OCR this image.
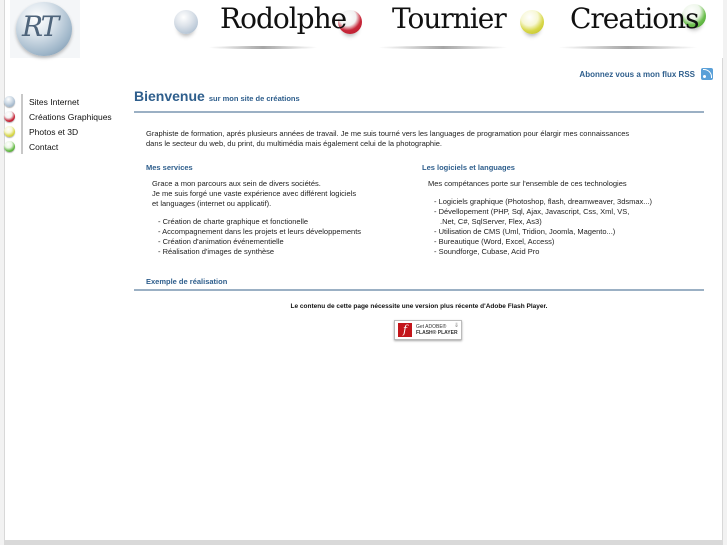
RT	Rodolphe Tournier Creations
Abonnez vous a mon flux RSS
Sites Internet
Créations Graphiques
Photos et 3D
Contact
Bienvenue sur mon site de créations
Graphiste de formation, aprés plusieurs années de travail. Je me suis tourné vers les languages de programation pour élargir mes connaissances
dans le secteur du web, du print, du multimédia mais également celui de la photographie.
Mes services
Grace a mon parcours aux sein de divers sociétés.
Je me suis forgé une vaste expérience avec différent logiciels
et languages (internet ou applicatif).
- Création de charte graphique et fonctionelle
- Accompagnement dans les projets et leurs développements
- Création d'animation événementielle
- Réalisation d'images de synthèse
Les logiciels et languages
Mes compétances porte sur l'ensemble de ces technologies
- Logiciels graphique (Photoshop, flash, dreamweaver, 3dsmax...)
- Dévellopement (PHP, Sql, Ajax, Javascript, Css, Xml, VS,
.Net, C#, SqlServer, Flex, As3)
- Utilisation de CMS (Uml, Tridion, Joomla, Magento...)
- Bureautique (Word, Excel, Access)
- Soundforge, Cubase, Acid Pro
Exemple de réalisation
Le contenu de cette page nécessite une version plus récente d'Adobe Flash Player.
f	Get ADOBE®
FLASH® PLAYER
⇓
